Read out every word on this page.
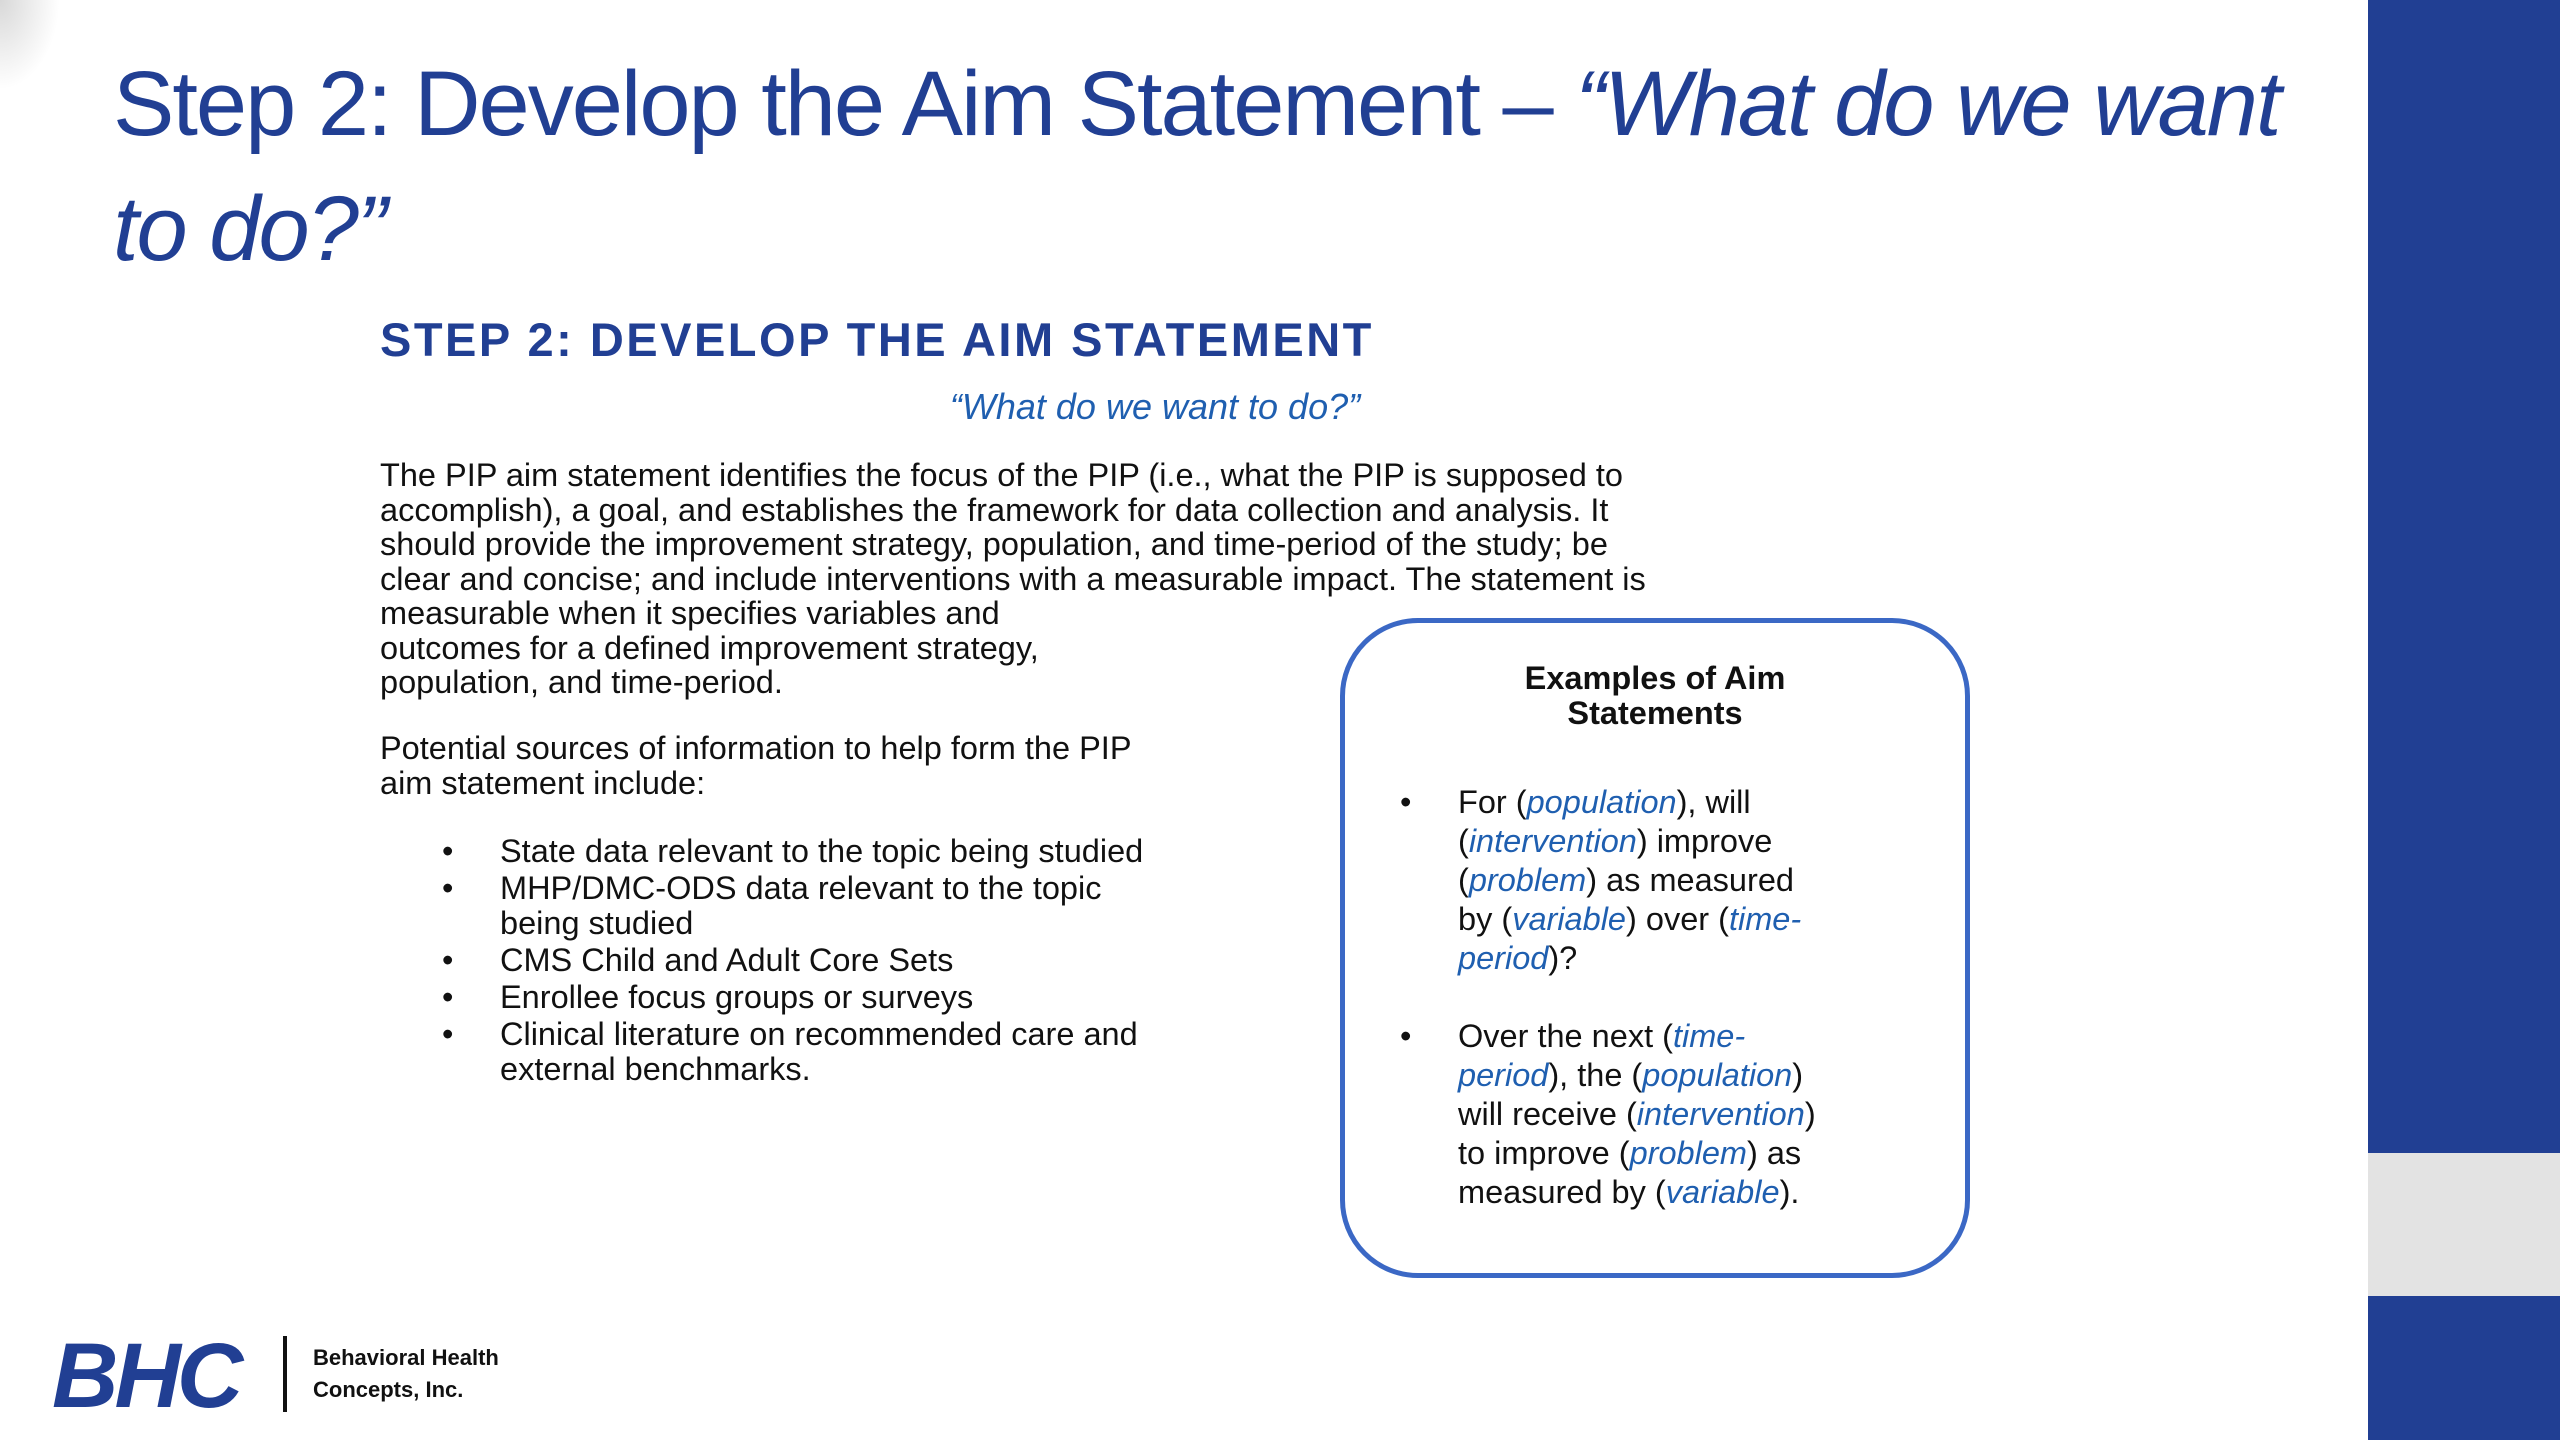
Step 2: Develop the Aim Statement – “What do we want to do?”
STEP 2: DEVELOP THE AIM STATEMENT
“What do we want to do?”

The PIP aim statement identifies the focus of the PIP (i.e., what the PIP is supposed to
accomplish), a goal, and establishes the framework for data collection and analysis. It
should provide the improvement strategy, population, and time-period of the study; be
clear and concise; and include interventions with a measurable impact. The statement is
measurable when it specifies variables and
outcomes for a defined improvement strategy,
population, and time-period.

Potential sources of information to help form the PIP
aim statement include:

• State data relevant to the topic being studied
• MHP/DMC-ODS data relevant to the topic
being studied
• CMS Child and Adult Core Sets
• Enrollee focus groups or surveys
• Clinical literature on recommended care and
external benchmarks.
Examples of Aim
Statements
• For (population), will
(intervention) improve
(problem) as measured
by (variable) over (time-
period)?
• Over the next (time-
period), the (population)
will receive (intervention)
to improve (problem) as
measured by (variable).
BHC	Behavioral Health
Concepts, Inc.
